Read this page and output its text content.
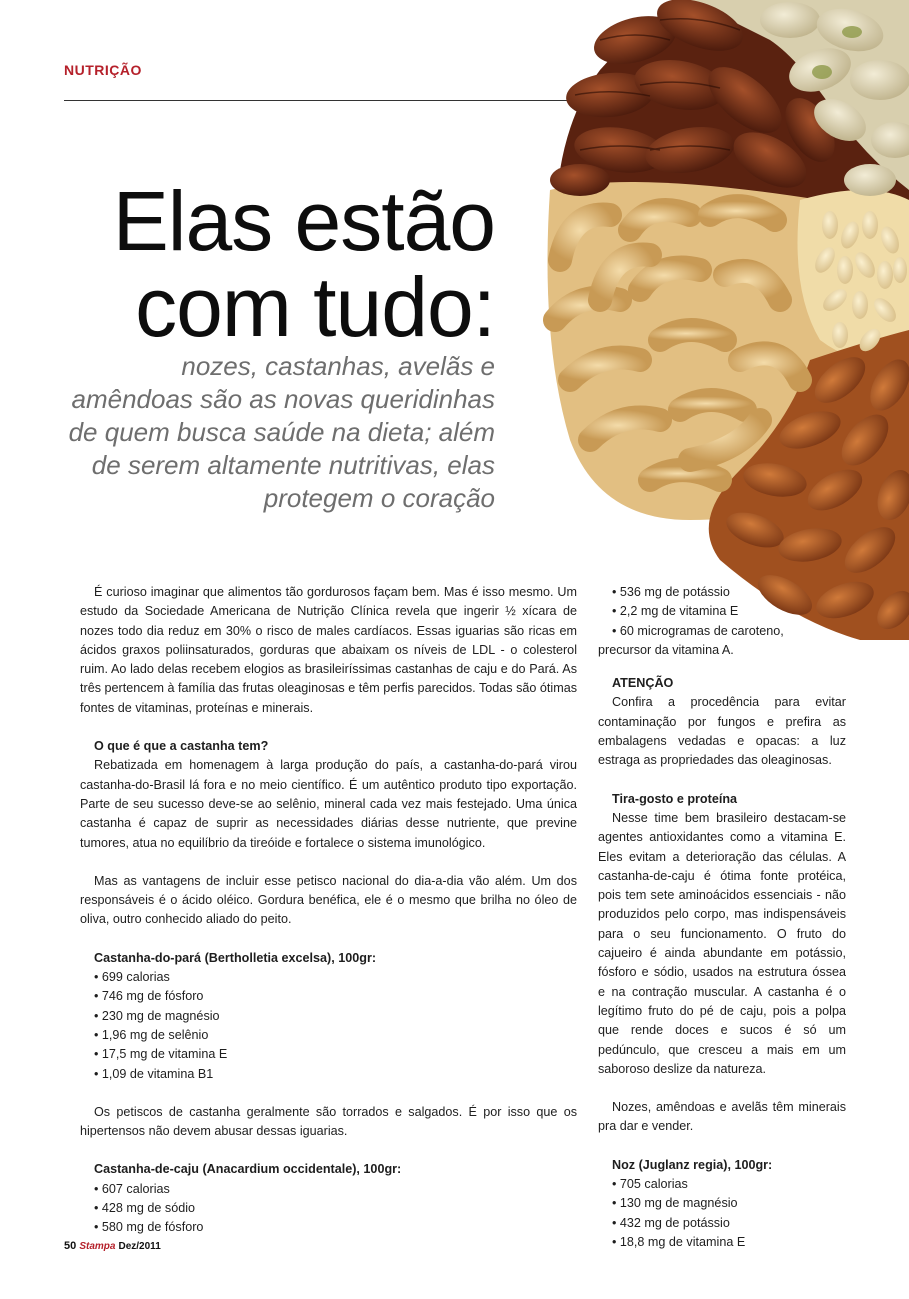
NUTRIÇÃO
Elas estão
com tudo:
nozes, castanhas, avelãs e
amêndoas são as novas queridinhas
de quem busca saúde na dieta; além
de serem altamente nutritivas, elas
protegem o coração

É curioso imaginar que alimentos tão gordurosos façam bem. Mas é isso mesmo. Um estudo da Sociedade Americana de Nutrição Clínica revela que ingerir ½ xícara de nozes todo dia reduz em 30% o risco de males cardíacos. Essas iguarias são ricas em ácidos graxos poliinsaturados, gorduras que abaixam os níveis de LDL - o colesterol ruim. Ao lado delas recebem elogios as brasileiríssimas castanhas de caju e do Pará. As três pertencem à família das frutas oleaginosas e têm perfis parecidos. Todas são ótimas fontes de vitaminas, proteínas e minerais.

O que é que a castanha tem?

Rebatizada em homenagem à larga produção do país, a castanha-do-pará virou castanha-do-Brasil lá fora e no meio científico. É um autêntico produto tipo exportação. Parte de seu sucesso deve-se ao selênio, mineral cada vez mais festejado. Uma única castanha é capaz de suprir as necessidades diárias desse nutriente, que previne tumores, atua no equilíbrio da tireóide e fortalece o sistema imunológico.

Mas as vantagens de incluir esse petisco nacional do dia-a-dia vão além. Um dos responsáveis é o ácido oléico. Gordura benéfica, ele é o mesmo que brilha no óleo de oliva, outro conhecido aliado do peito.

Castanha-do-pará (Bertholletia excelsa), 100gr:

• 699 calorias
• 746 mg de fósforo
• 230 mg de magnésio
• 1,96 mg de selênio
• 17,5 mg de vitamina E
• 1,09 de vitamina B1

Os petiscos de castanha geralmente são torrados e salgados. É por isso que os hipertensos não devem abusar dessas iguarias.

Castanha-de-caju (Anacardium occidentale), 100gr:

• 607 calorias
• 428 mg de sódio
• 580 mg de fósforo
• 536 mg de potássio
• 2,2 mg de vitamina E
• 60 microgramas de caroteno,

precursor da vitamina A.

ATENÇÃO

Confira a procedência para evitar contaminação por fungos e prefira as embalagens vedadas e opacas: a luz estraga as propriedades das oleaginosas.

Tira-gosto e proteína

Nesse time bem brasileiro destacam-se agentes antioxidantes como a vitamina E. Eles evitam a deterioração das células. A castanha-de-caju é ótima fonte protéica, pois tem sete aminoácidos essenciais - não produzidos pelo corpo, mas indispensáveis para o seu funcionamento. O fruto do cajueiro é ainda abundante em potássio, fósforo e sódio, usados na estrutura óssea e na contração muscular. A castanha é o legítimo fruto do pé de caju, pois a polpa que rende doces e sucos é só um pedúnculo, que cresceu a mais em um saboroso deslize da natureza.

Nozes, amêndoas e avelãs têm minerais pra dar e vender.

Noz (Juglanz regia), 100gr:

• 705 calorias
• 130 mg de magnésio
• 432 mg de potássio
• 18,8 mg de vitamina E
50 Stampa Dez/2011
